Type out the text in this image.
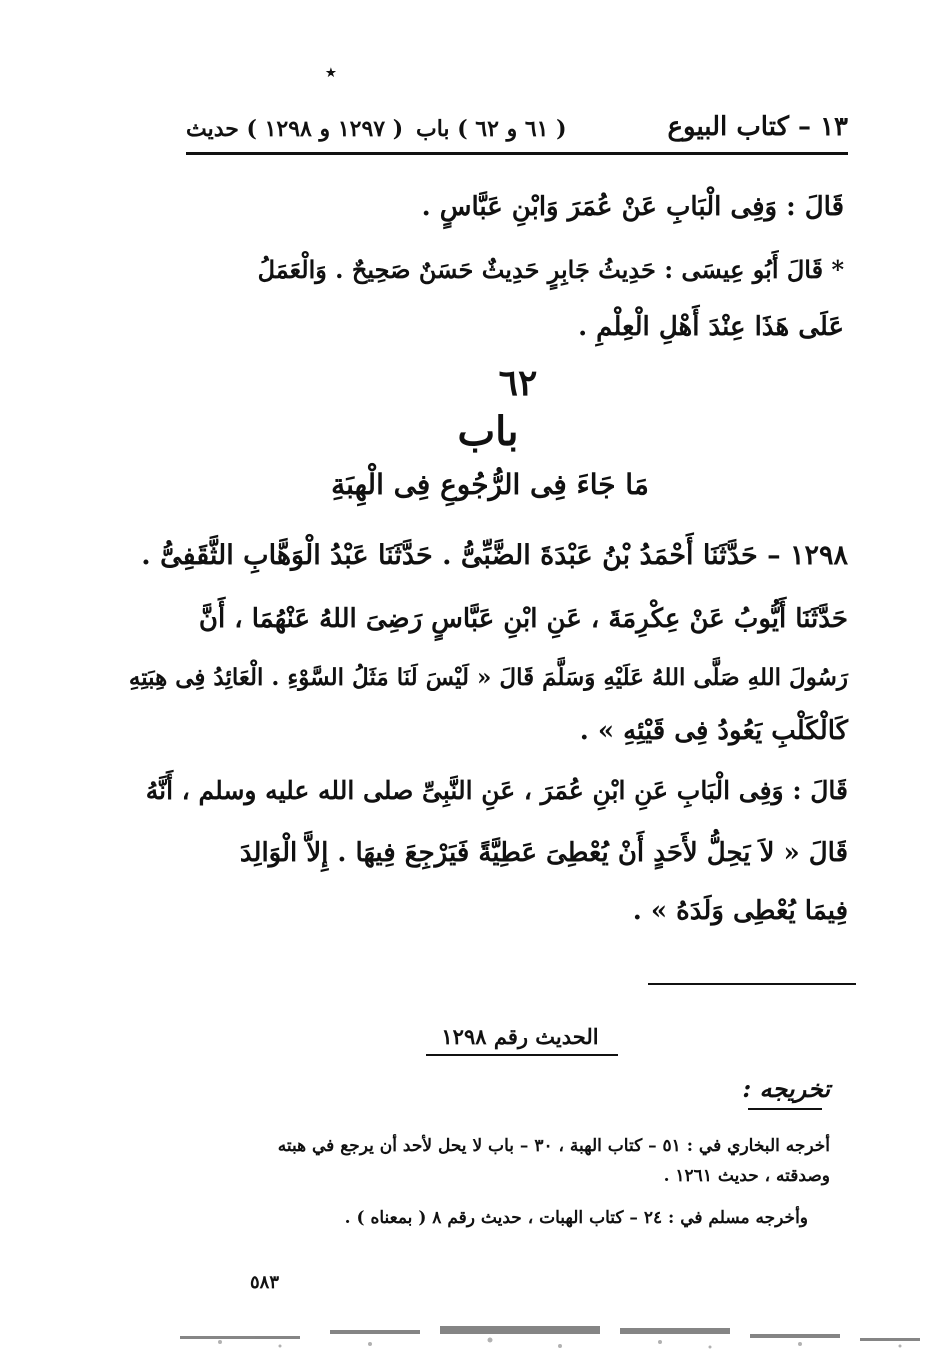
٭
١٣ – كتاب البيوع
( ٦١ و ٦٢ ) باب
( ١٢٩٧ و ١٢٩٨ ) حديث
قَالَ : وَفِى الْبَابِ عَنْ عُمَرَ وَابْنِ عَبَّاسٍ .
* قَالَ أَبُو عِيسَى : حَدِيثُ جَابِرٍ حَدِيثٌ حَسَنٌ صَحِيحٌ . وَالْعَمَلُ
عَلَى هَذَا عِنْدَ أَهْلِ الْعِلْمِ .
٦٢
باب
مَا جَاءَ فِى الرُّجُوعِ فِى الْهِبَةِ
١٢٩٨ – حَدَّثَنَا أَحْمَدُ بْنُ عَبْدَةَ الضَّبِّىُّ . حَدَّثَنَا عَبْدُ الْوَهَّابِ الثَّقَفِىُّ .
حَدَّثَنَا أَيُّوبُ عَنْ عِكْرِمَةَ ، عَنِ ابْنِ عَبَّاسٍ رَضِىَ اللهُ عَنْهُمَا ، أَنَّ
رَسُولَ اللهِ صَلَّى اللهُ عَلَيْهِ وَسَلَّمَ قَالَ « لَيْسَ لَنَا مَثَلُ السَّوْءِ . الْعَائِدُ فِى هِبَتِهِ
كَالْكَلْبِ يَعُودُ فِى قَيْئِهِ » .
قَالَ : وَفِى الْبَابِ عَنِ ابْنِ عُمَرَ ، عَنِ النَّبِىِّ صلى الله عليه وسلم ، أَنَّهُ
قَالَ « لاَ يَحِلُّ لأَحَدٍ أَنْ يُعْطِىَ عَطِيَّةً فَيَرْجِعَ فِيهَا . إِلاَّ الْوَالِدَ
فِيمَا يُعْطِى وَلَدَهُ » .
الحديث رقم ١٢٩٨
تخريجه :
أخرجه البخاري في : ٥١ – كتاب الهبة ، ٣٠ – باب لا يحل لأحد أن يرجع في هبته
وصدقته ، حديث ١٢٦١ .
وأخرجه مسلم في : ٢٤ – كتاب الهبات ، حديث رقم ٨ ( بمعناه ) .
٥٨٣
